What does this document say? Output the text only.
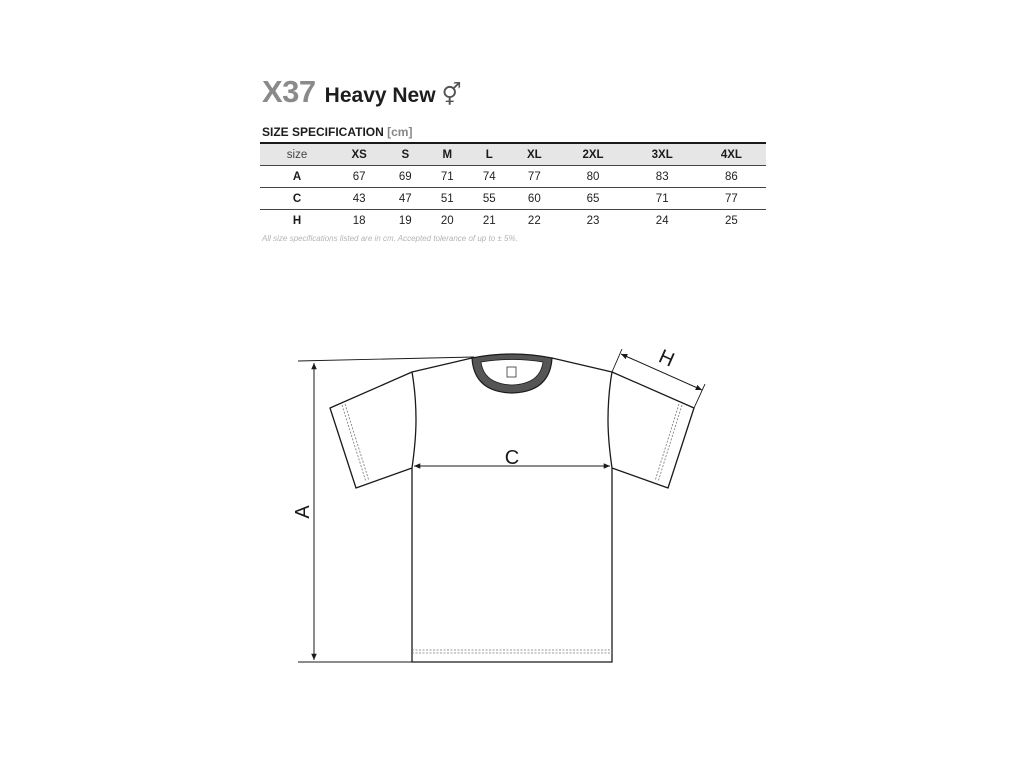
X37 Heavy New ⚥
SIZE SPECIFICATION [cm]
size	XS	S	M	L	XL	2XL	3XL	4XL
A	67	69	71	74	77	80	83	86
C	43	47	51	55	60	65	71	77
H	18	19	20	21	22	23	24	25
All size specifications listed are in cm. Accepted tolerance of up to ± 5%.
A
C
H
